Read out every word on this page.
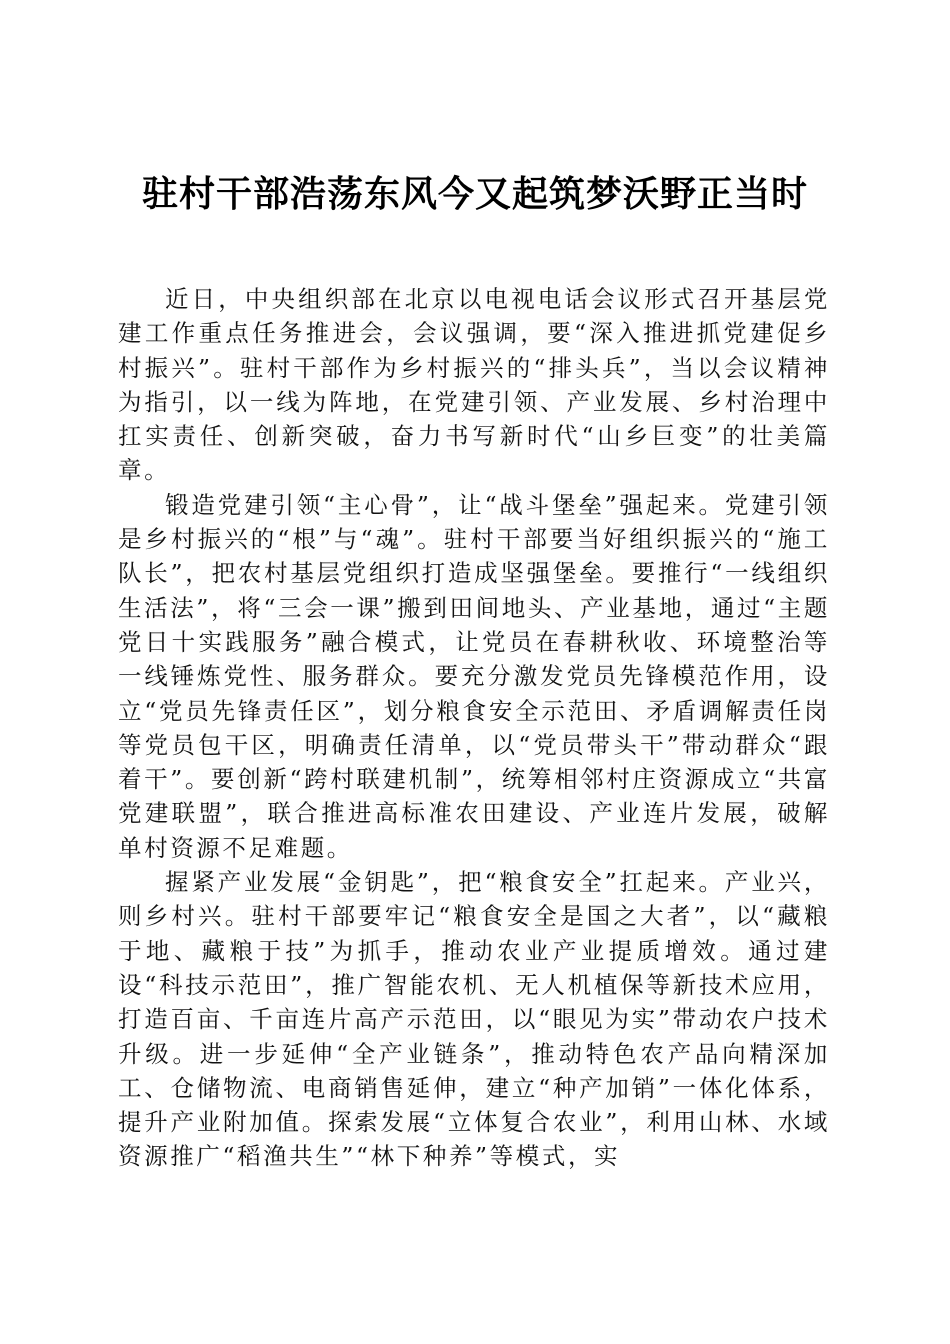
驻村干部浩荡东风今又起筑梦沃野正当时

近日，中央组织部在北京以电视电话会议形式召开基层党建工作重点任务推进会，会议强调，要“深入推进抓党建促乡村振兴”。驻村干部作为乡村振兴的“排头兵”，当以会议精神为指引，以一线为阵地，在党建引领、产业发展、乡村治理中扛实责任、创新突破，奋力书写新时代“山乡巨变”的壮美篇章。

锻造党建引领“主心骨”，让“战斗堡垒”强起来。党建引领是乡村振兴的“根”与“魂”。驻村干部要当好组织振兴的“施工队长”，把农村基层党组织打造成坚强堡垒。要推行“一线组织生活法”，将“三会一课”搬到田间地头、产业基地，通过“主题党日十实践服务”融合模式，让党员在春耕秋收、环境整治等一线锤炼党性、服务群众。要充分激发党员先锋模范作用，设立“党员先锋责任区”，划分粮食安全示范田、矛盾调解责任岗等党员包干区，明确责任清单，以“党员带头干”带动群众“跟着干”。要创新“跨村联建机制”，统筹相邻村庄资源成立“共富党建联盟”，联合推进高标准农田建设、产业连片发展，破解单村资源不足难题。

握紧产业发展“金钥匙”，把“粮食安全”扛起来。产业兴，则乡村兴。驻村干部要牢记“粮食安全是国之大者”，以“藏粮于地、藏粮于技”为抓手，推动农业产业提质增效。通过建设“科技示范田”，推广智能农机、无人机植保等新技术应用，打造百亩、千亩连片高产示范田，以“眼见为实”带动农户技术升级。进一步延伸“全产业链条”，推动特色农产品向精深加工、仓储物流、电商销售延伸，建立“种产加销”一体化体系，提升产业附加值。探索发展“立体复合农业”，利用山林、水域资源推广“稻渔共生”“林下种养”等模式，实
